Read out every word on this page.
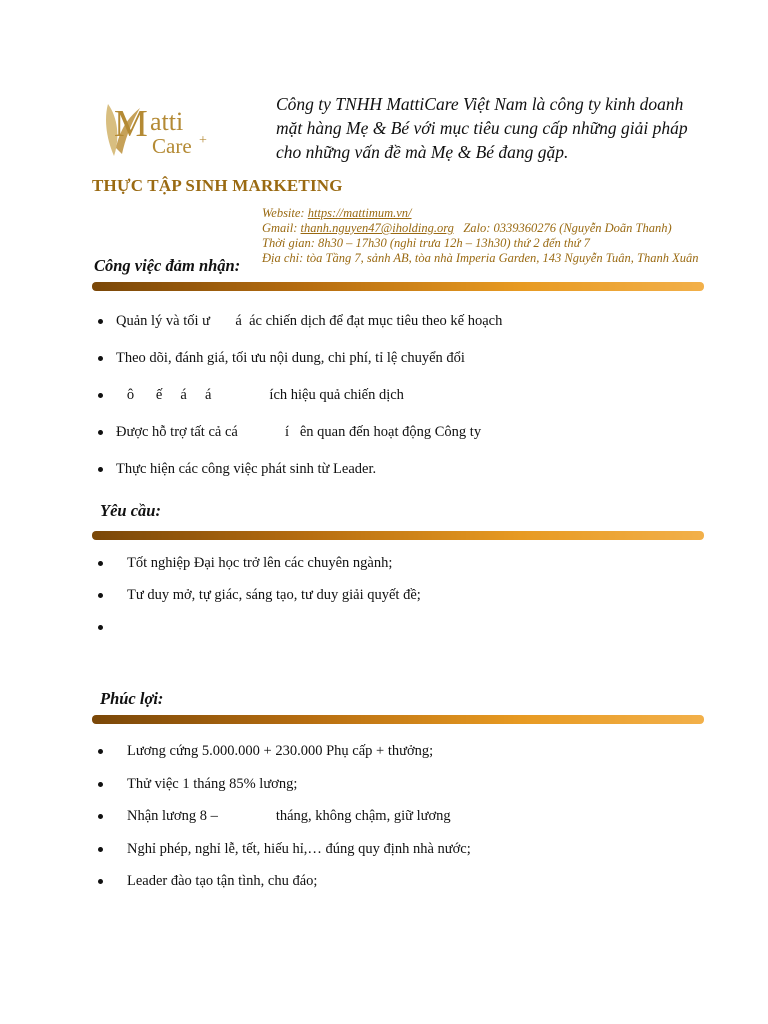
M atti
Care +
Công ty TNHH MattiCare Việt Nam là công ty kinh doanh
mặt hàng Mẹ & Bé với mục tiêu cung cấp những giải pháp
cho những vấn đề mà Mẹ & Bé đang gặp.
THỰC TẬP SINH MARKETING
Website: https://mattimum.vn/
Gmail: thanh.nguyen47@iholding.org   Zalo: 0339360276 (Nguyễn Doãn Thanh)
Thời gian: 8h30 – 17h30 (nghỉ trưa 12h – 13h30) thứ 2 đến thứ 7
Địa chỉ: tòa Tầng 7, sảnh AB, tòa nhà Imperia Garden, 143 Nguyễn Tuân, Thanh Xuân
Công việc đảm nhận:
Quản lý và tối ư       á  ác chiến dịch để đạt mục tiêu theo kế hoạch
Theo dõi, đánh giá, tối ưu nội dung, chi phí, tỉ lệ chuyển đổi
ô      ế     á     á                ích hiệu quả chiến dịch
Được hỗ trợ tất cả cá             í   ên quan đến hoạt động Công ty
Thực hiện các công việc phát sinh từ Leader.
Yêu cầu:
Tốt nghiệp Đại học trở lên các chuyên ngành;
Tư duy mở, tự giác, sáng tạo, tư duy giải quyết đề;
Phúc lợi:
Lương cứng 5.000.000 + 230.000 Phụ cấp + thưởng;
Thử việc 1 tháng 85% lương;
Nhận lương 8 –                tháng, không chậm, giữ lương
Nghỉ phép, nghỉ lễ, tết, hiếu hỉ,… đúng quy định nhà nước;
Leader đào tạo tận tình, chu đáo;
